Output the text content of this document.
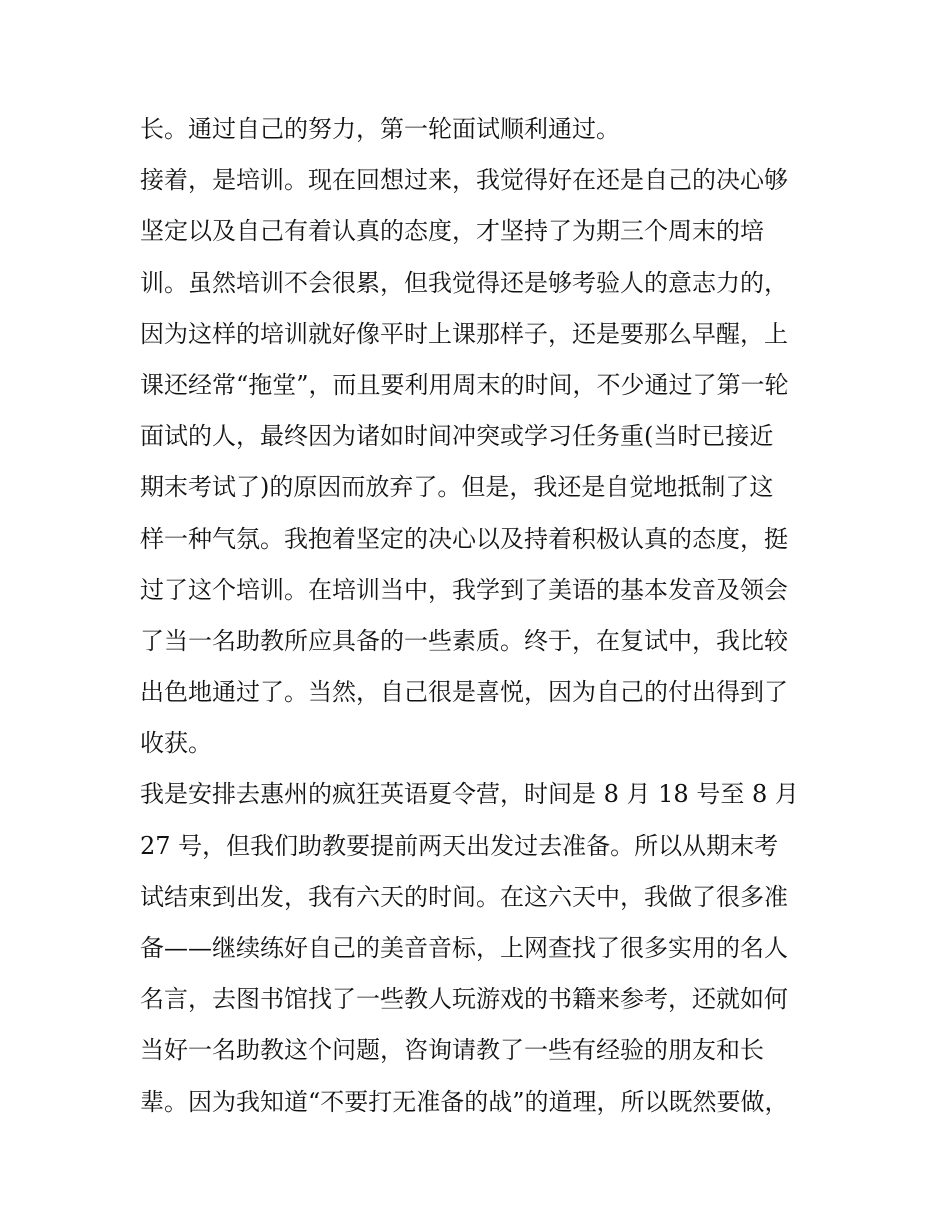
长。通过自己的努力，第一轮面试顺利通过。
接着，是培训。现在回想过来，我觉得好在还是自己的决心够
坚定以及自己有着认真的态度，才坚持了为期三个周末的培
训。虽然培训不会很累，但我觉得还是够考验人的意志力的，
因为这样的培训就好像平时上课那样子，还是要那么早醒，上
课还经常“拖堂”，而且要利用周末的时间，不少通过了第一轮
面试的人，最终因为诸如时间冲突或学习任务重(当时已接近
期末考试了)的原因而放弃了。但是，我还是自觉地抵制了这
样一种气氛。我抱着坚定的决心以及持着积极认真的态度，挺
过了这个培训。在培训当中，我学到了美语的基本发音及领会
了当一名助教所应具备的一些素质。终于，在复试中，我比较
出色地通过了。当然，自己很是喜悦，因为自己的付出得到了
收获。
我是安排去惠州的疯狂英语夏令营，时间是 8 月 18 号至 8 月
27 号，但我们助教要提前两天出发过去准备。所以从期末考
试结束到出发，我有六天的时间。在这六天中，我做了很多准
备——继续练好自己的美音音标，上网查找了很多实用的名人
名言，去图书馆找了一些教人玩游戏的书籍来参考，还就如何
当好一名助教这个问题，咨询请教了一些有经验的朋友和长
辈。因为我知道“不要打无准备的战”的道理，所以既然要做，
